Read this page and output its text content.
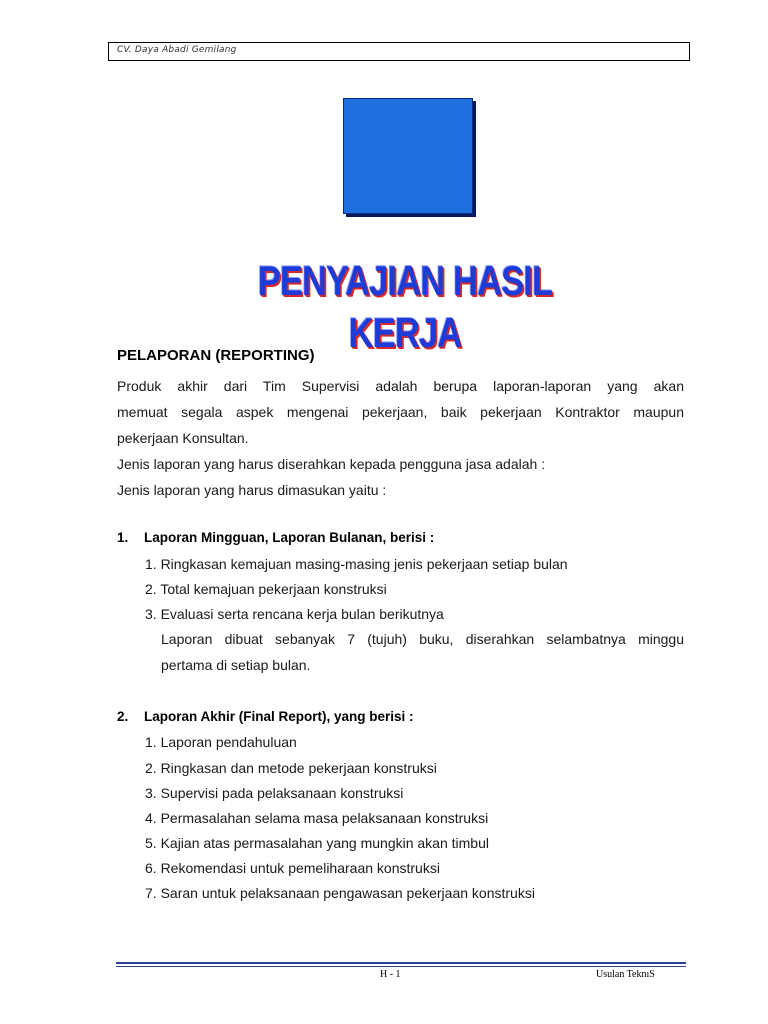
CV. Daya Abadi Gemilang
PENYAJIAN HASIL KERJA
PELAPORAN (REPORTING)
Produk akhir dari Tim Supervisi adalah berupa laporan-laporan yang akan
memuat segala aspek mengenai pekerjaan, baik pekerjaan Kontraktor maupun
pekerjaan Konsultan.
Jenis laporan yang harus diserahkan kepada pengguna jasa adalah :
Jenis laporan yang harus dimasukan yaitu :
1. Laporan Mingguan, Laporan Bulanan, berisi :
1. Ringkasan kemajuan masing-masing jenis pekerjaan setiap bulan
2. Total kemajuan pekerjaan konstruksi
3. Evaluasi serta rencana kerja bulan berikutnya
Laporan dibuat sebanyak 7 (tujuh) buku, diserahkan selambatnya minggu
pertama di setiap bulan.
2. Laporan Akhir (Final Report), yang berisi :
1. Laporan pendahuluan
2. Ringkasan dan metode pekerjaan konstruksi
3. Supervisi pada pelaksanaan konstruksi
4. Permasalahan selama masa pelaksanaan konstruksi
5. Kajian atas permasalahan yang mungkin akan timbul
6. Rekomendasi untuk pemeliharaan konstruksi
7. Saran untuk pelaksanaan pengawasan pekerjaan konstruksi
H - 1	Usulan TeknıS
